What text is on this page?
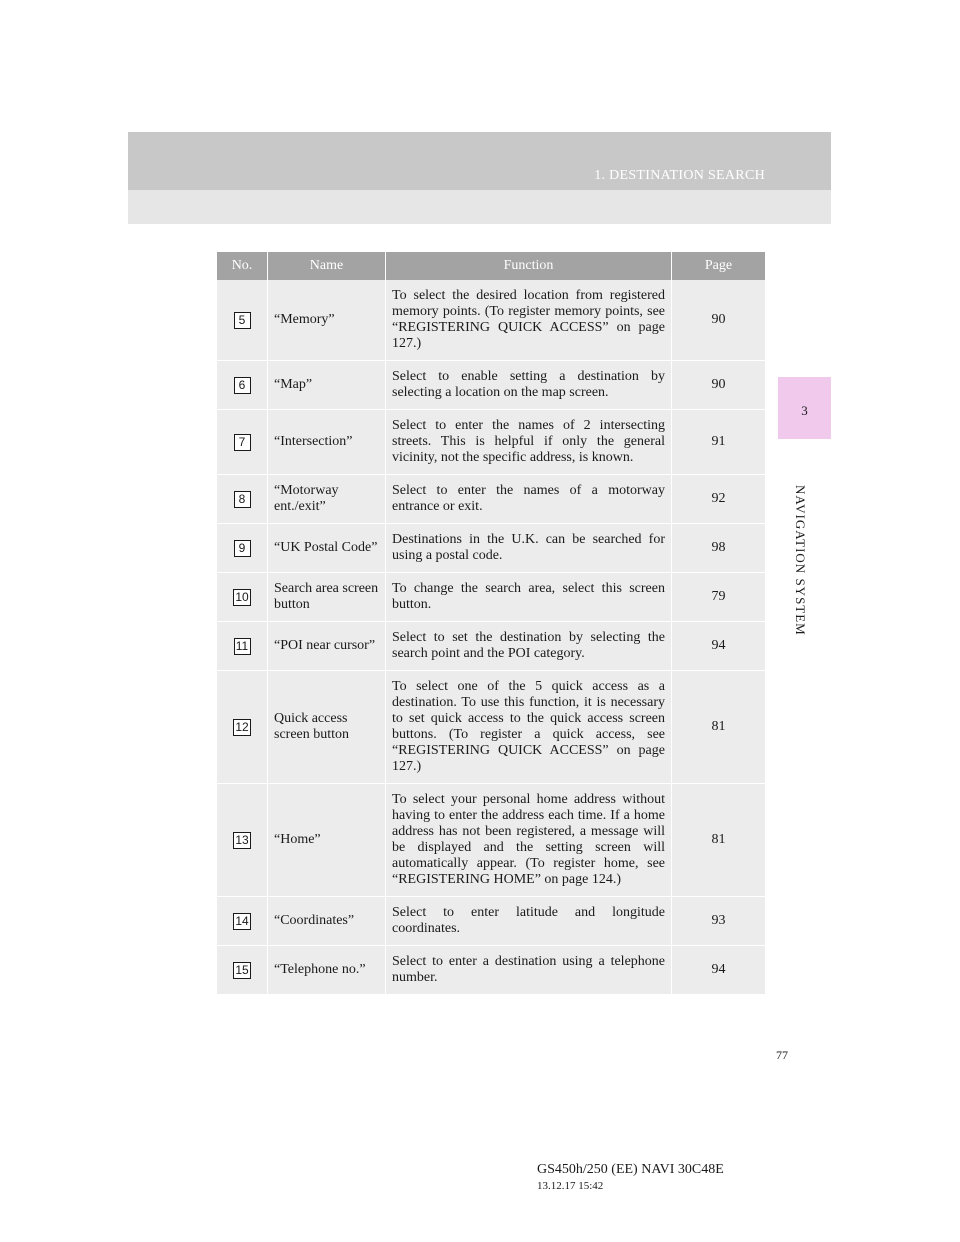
1. DESTINATION SEARCH
3
NAVIGATION SYSTEM
No.	Name	Function	Page
5	“Memory”	To select the desired location from registered memory points. (To register memory points, see “REGISTERING QUICK ACCESS” on page 127.)	90
6	“Map”	Select to enable setting a destination by selecting a location on the map screen.	90
7	“Intersection”	Select to enter the names of 2 intersecting streets. This is helpful if only the general vicinity, not the specific address, is known.	91
8	“Motorway ent./exit”	Select to enter the names of a motorway entrance or exit.	92
9	“UK Postal Code”	Destinations in the U.K. can be searched for using a postal code.	98
10	Search area screen button	To change the search area, select this screen button.	79
11	“POI near cursor”	Select to set the destination by selecting the search point and the POI category.	94
12	Quick access screen button	To select one of the 5 quick access as a destination. To use this function, it is necessary to set quick access to the quick access screen buttons. (To register a quick access, see “REGISTERING QUICK ACCESS” on page 127.)	81
13	“Home”	To select your personal home address without having to enter the address each time. If a home address has not been registered, a message will be displayed and the setting screen will automatically appear. (To register home, see “REGISTERING HOME” on page 124.)	81
14	“Coordinates”	Select to enter latitude and longitude coordinates.	93
15	“Telephone no.”	Select to enter a destination using a telephone number.	94
77
GS450h/250 (EE) NAVI 30C48E
13.12.17 15:42
